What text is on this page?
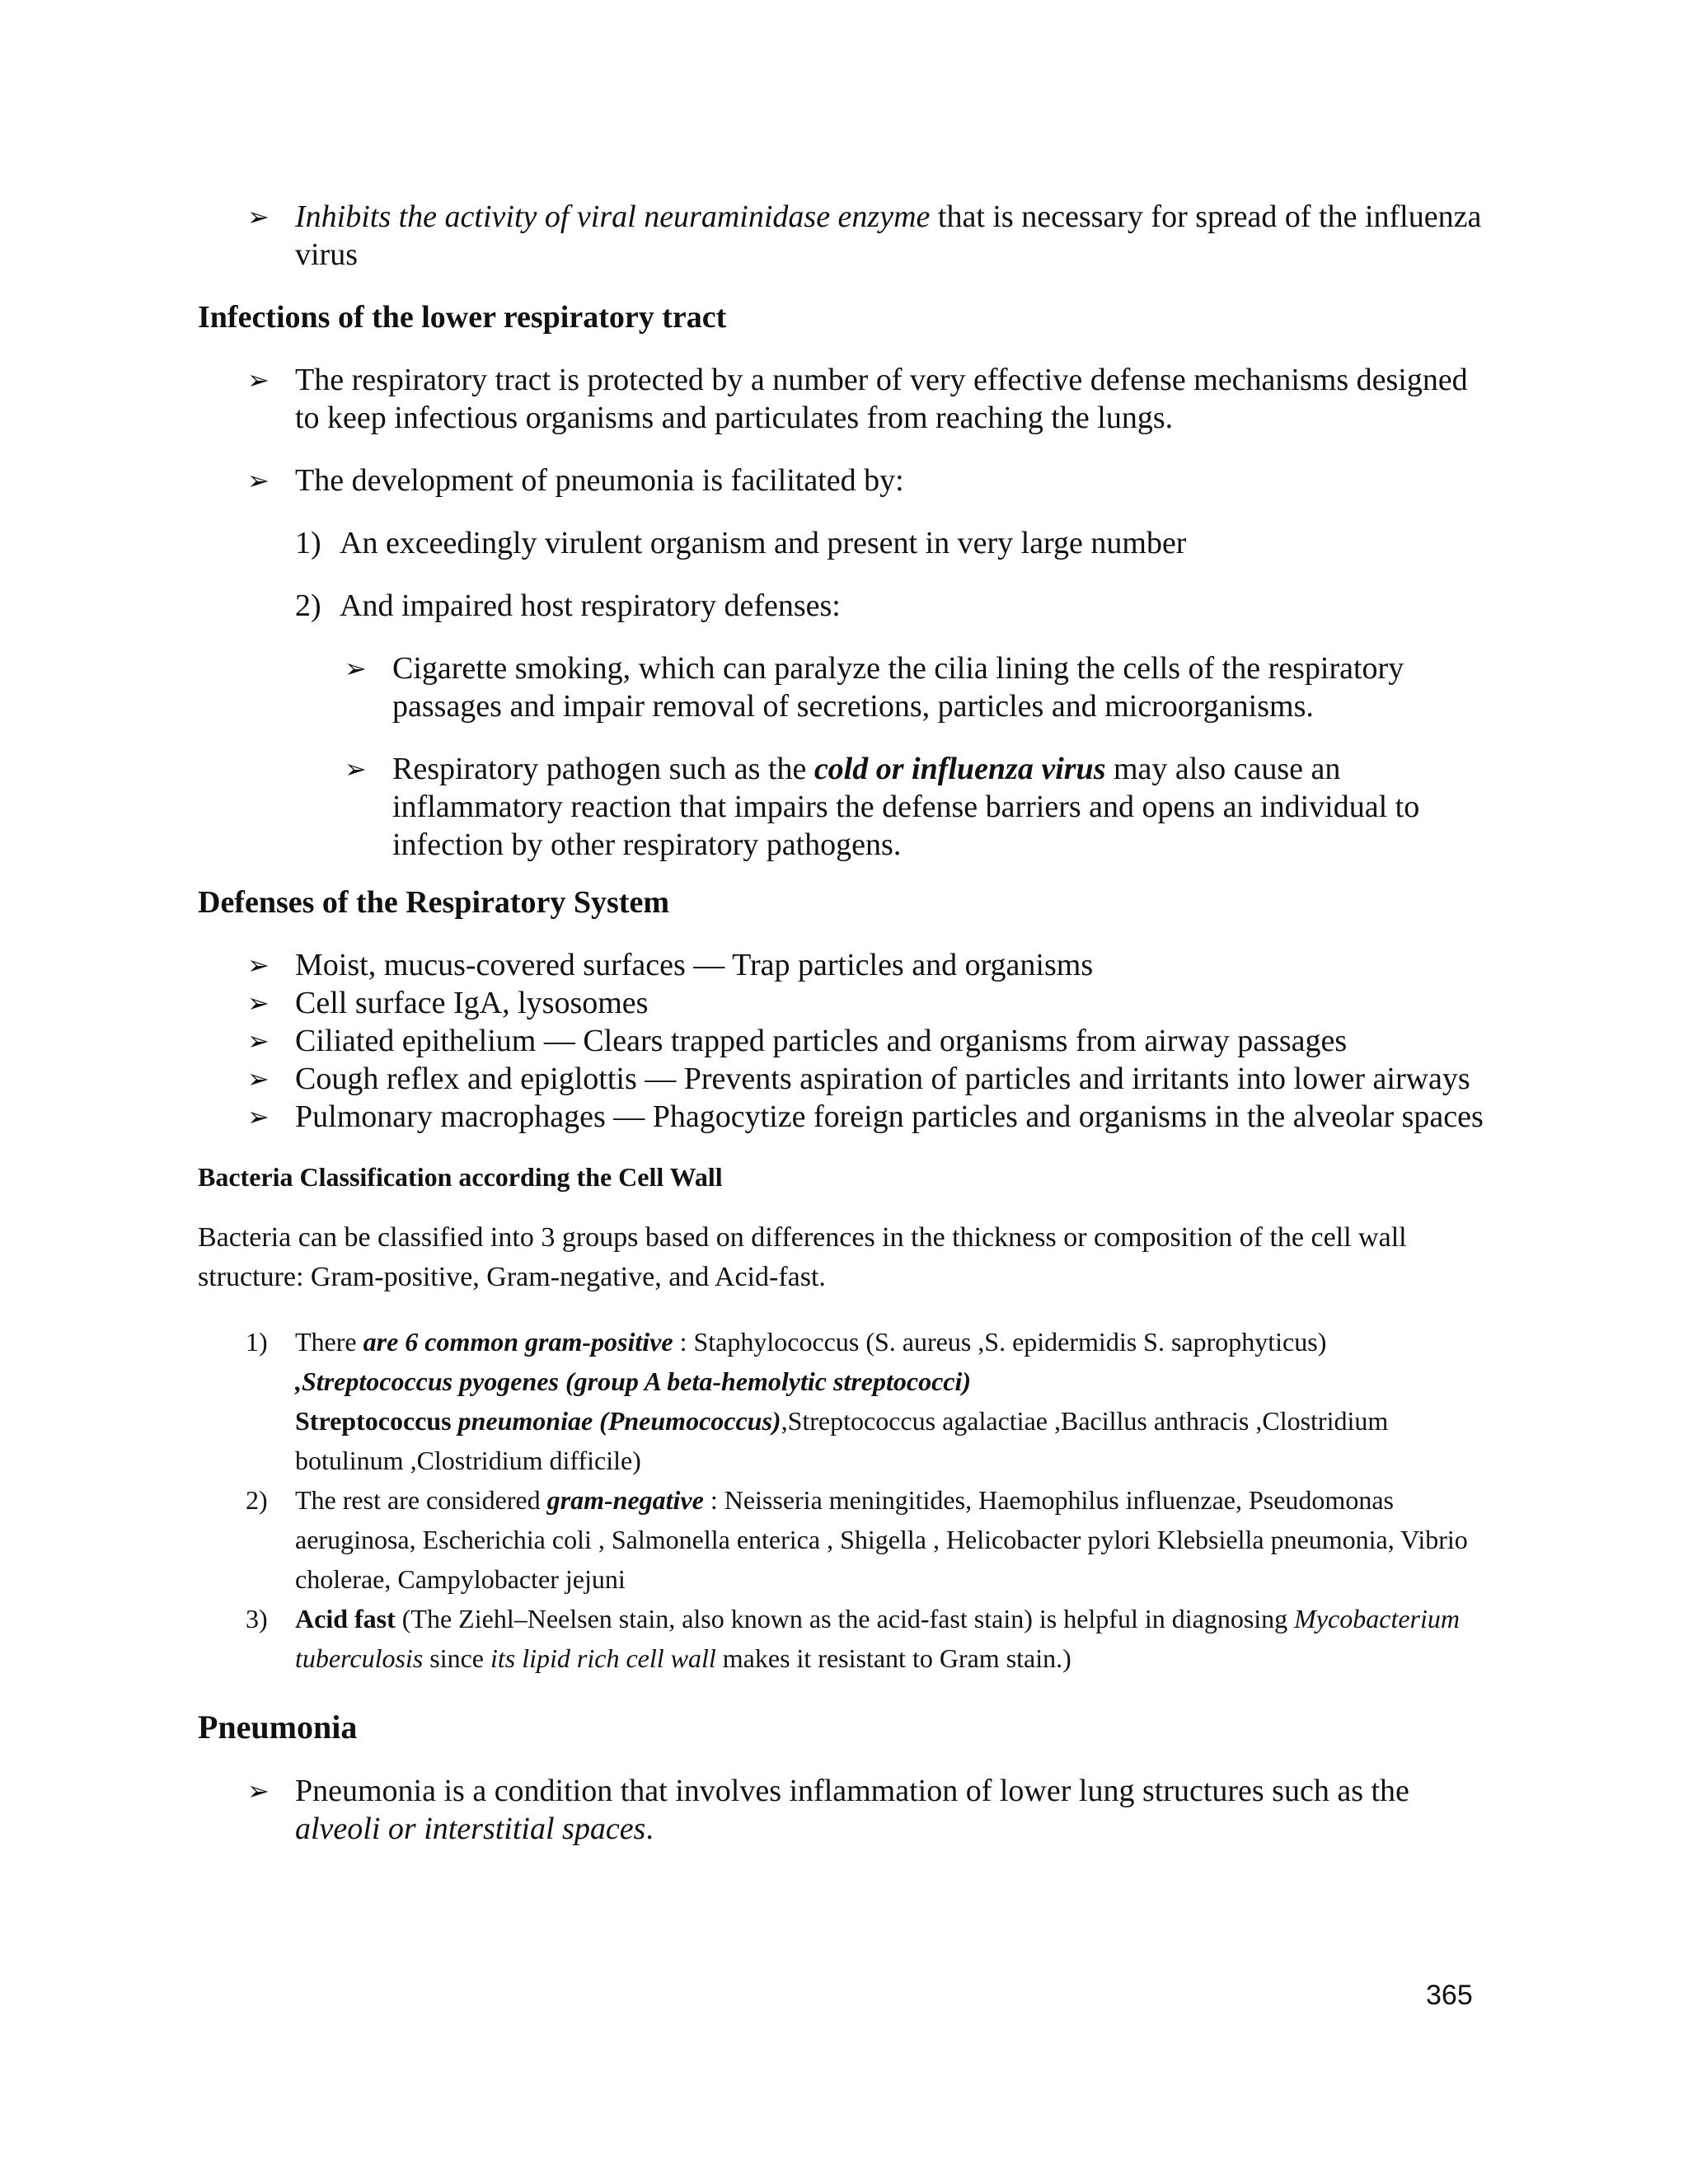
➢ Inhibits the activity of viral neuraminidase enzyme that is necessary for spread of the influenza virus
Infections of the lower respiratory tract
➢ The respiratory tract is protected by a number of very effective defense mechanisms designed to keep infectious organisms and particulates from reaching the lungs.
➢ The development of pneumonia is facilitated by:
1) An exceedingly virulent organism and present in very large number
2) And impaired host respiratory defenses:
➢ Cigarette smoking, which can paralyze the cilia lining the cells of the respiratory passages and impair removal of secretions, particles and microorganisms.
➢ Respiratory pathogen such as the cold or influenza virus may also cause an inflammatory reaction that impairs the defense barriers and opens an individual to infection by other respiratory pathogens.
Defenses of the Respiratory System
➢ Moist, mucus-covered surfaces — Trap particles and organisms
➢ Cell surface IgA, lysosomes
➢ Ciliated epithelium — Clears trapped particles and organisms from airway passages
➢ Cough reflex and epiglottis — Prevents aspiration of particles and irritants into lower airways
➢ Pulmonary macrophages — Phagocytize foreign particles and organisms in the alveolar spaces
Bacteria Classification according the Cell Wall
Bacteria can be classified into 3 groups based on differences in the thickness or composition of the cell wall structure: Gram-positive, Gram-negative, and Acid-fast.
1) There are 6 common gram-positive : Staphylococcus (S. aureus ,S. epidermidis S. saprophyticus) ,Streptococcus pyogenes (group A beta-hemolytic streptococci)
Streptococcus pneumoniae (Pneumococcus),Streptococcus agalactiae ,Bacillus anthracis ,Clostridium botulinum ,Clostridium difficile)
2) The rest are considered gram-negative : Neisseria meningitides, Haemophilus influenzae, Pseudomonas aeruginosa, Escherichia coli , Salmonella enterica , Shigella , Helicobacter pylori Klebsiella pneumonia, Vibrio cholerae, Campylobacter jejuni
3) Acid fast (The Ziehl–Neelsen stain, also known as the acid-fast stain) is helpful in diagnosing Mycobacterium tuberculosis since its lipid rich cell wall makes it resistant to Gram stain.)
Pneumonia
➢ Pneumonia is a condition that involves inflammation of lower lung structures such as the alveoli or interstitial spaces.
365
